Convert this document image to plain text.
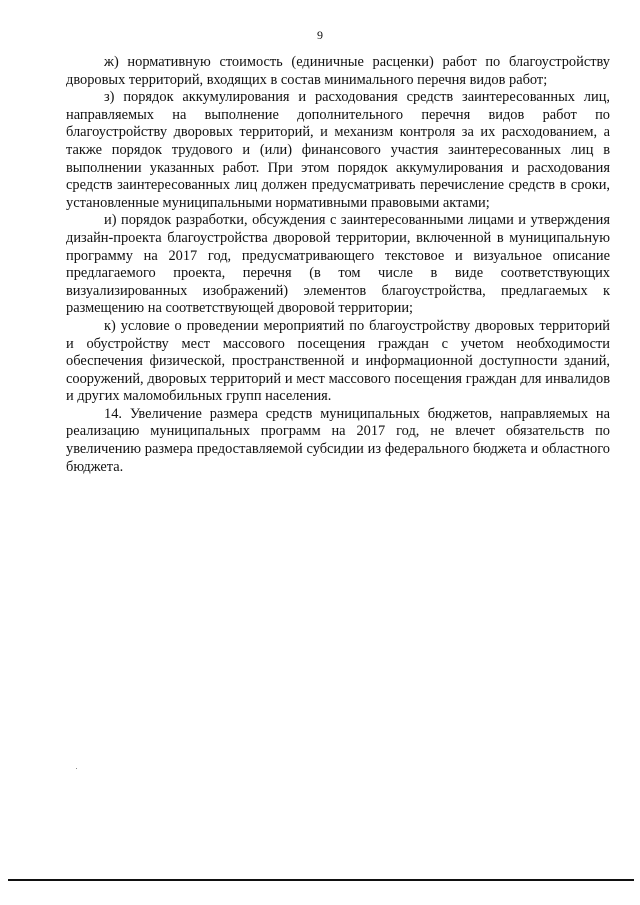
9

ж) нормативную стоимость (единичные расценки) работ по благоустройству дворовых территорий, входящих в состав минимального перечня видов работ;

з) порядок аккумулирования и расходования средств заинтересованных лиц, направляемых на выполнение дополнительного перечня видов работ по благоустройству дворовых территорий, и механизм контроля за их расходованием, а также порядок трудового и (или) финансового участия заинтересованных лиц в выполнении указанных работ. При этом порядок аккумулирования и расходования средств заинтересованных лиц должен предусматривать перечисление средств в сроки, установленные муниципальными нормативными правовыми актами;

и) порядок разработки, обсуждения с заинтересованными лицами и утверждения дизайн-проекта благоустройства дворовой территории, включенной в муниципальную программу на 2017 год, предусматривающего текстовое и визуальное описание предлагаемого проекта, перечня (в том числе в виде соответствующих визуализированных изображений) элементов благоустройства, предлагаемых к размещению на соответствующей дворовой территории;

к) условие о проведении мероприятий по благоустройству дворовых территорий и обустройству мест массового посещения граждан с учетом необходимости обеспечения физической, пространственной и информационной доступности зданий, сооружений, дворовых территорий и мест массового посещения граждан для инвалидов и других маломобильных групп населения.

14. Увеличение размера средств муниципальных бюджетов, направляемых на реализацию муниципальных программ на 2017 год, не влечет обязательств по увеличению размера предоставляемой субсидии из федерального бюджета и областного бюджета.
